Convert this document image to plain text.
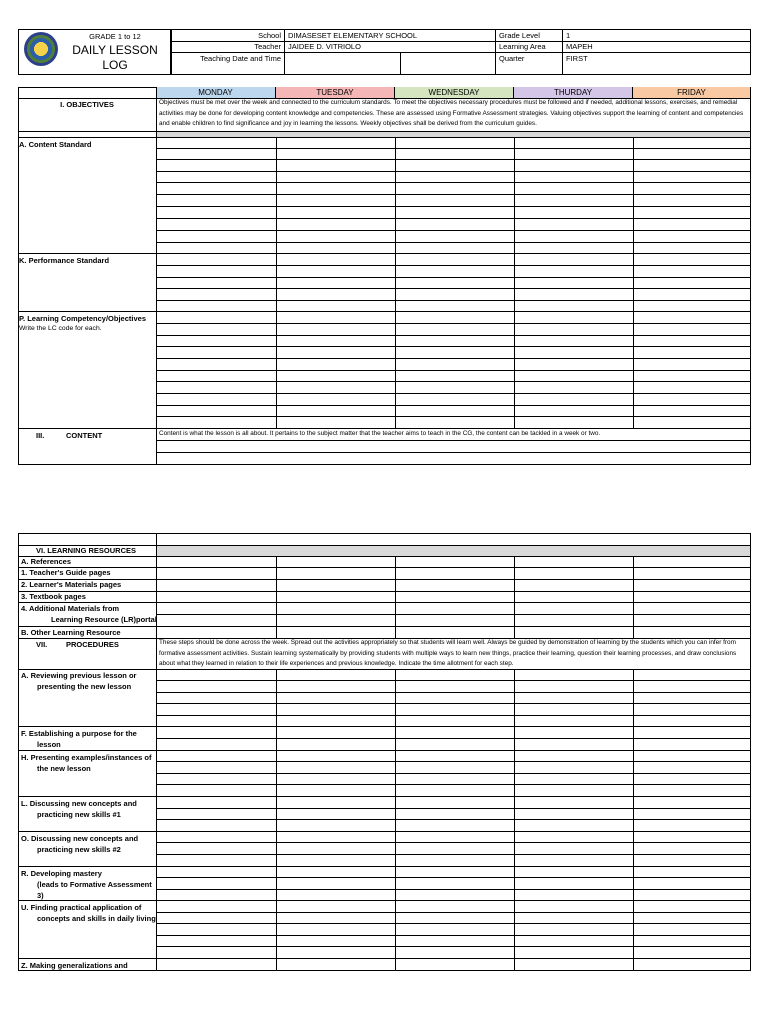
GRADE 1 to 12
DAILY LESSON
LOG
School DIMASESET ELEMENTARY SCHOOL
Teacher JAIDEE D. VITRIOLO
Teaching Date and Time
Grade Level	1
Learning Area	MAPEH
Quarter	FIRST
MONDAY	TUESDAY	WEDNESDAY	THURDAY	FRIDAY
I. OBJECTIVES	Objectives must be met over the week and connected to the curriculum standards. To meet the objectives necessary procedures must be followed and if needed, additional lessons, exercises, and remedial activities may be done for developing content knowledge and competencies. These are assessed using Formative Assessment strategies. Valuing objectives support the learning of content and competencies and enable children to find significance and joy in learning the lessons. Weekly objectives shall be derived from the curriculum guides.
A. Content Standard
K. Performance Standard
P. Learning Competency/Objectives
Write the LC code for each.
III.	CONTENT	Content is what the lesson is all about. It pertains to the subject matter that the teacher aims to teach in the CG, the content can be tackled in a week or two.
VI. LEARNING RESOURCES
A. References
1. Teacher's Guide pages
2. Learner's Materials pages
3. Textbook pages
4. Additional Materials from
Learning Resource (LR)portal
B. Other Learning Resource
VII. PROCEDURES	These steps should be done across the week. Spread out the activities appropriately so that students will learn well. Always be guided by demonstration of learning by the students which you can infer from formative assessment activities. Sustain learning systematically by providing students with multiple ways to learn new things, practice their learning, question their learning processes, and draw conclusions about what they learned in relation to their life experiences and previous knowledge. Indicate the time allotment for each step.
A. Reviewing previous lesson or
presenting the new lesson
F. Establishing a purpose for the
lesson
H. Presenting examples/instances of
the new lesson
L. Discussing new concepts and
practicing new skills #1
O. Discussing new concepts and
practicing new skills #2
R. Developing mastery
(leads to Formative Assessment
3)
U. Finding practical application of
concepts and skills in daily living
Z. Making generalizations and
